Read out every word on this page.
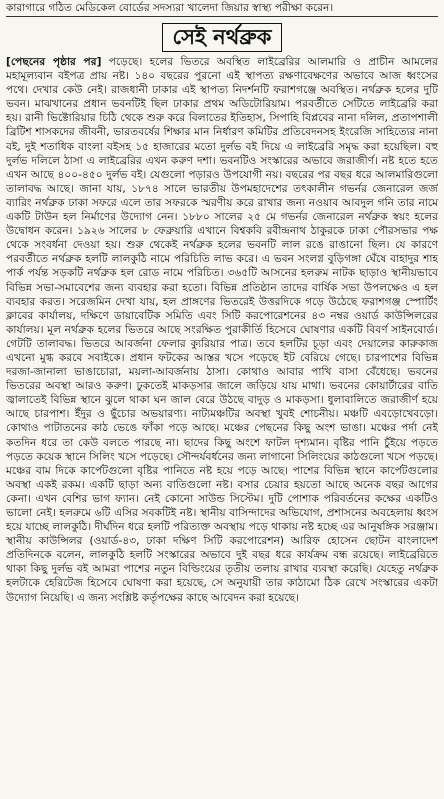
কারাগারে গঠিত মেডিকেল বোর্ডের সদস্যরা খালেদা জিয়ার স্বাস্থ্য পরীক্ষা করেন।
সেই নর্থব্রুক

[পেছনের পৃষ্ঠার পর] পড়েছে। হলের ভিতরে অবস্থিত লাইব্রেরির আলমারি ও প্রাচীন আমলের মহামূল্যবান বইপত্র প্রায় নষ্ট। ১৪০ বছরের পুরনো এই স্থাপত্য রক্ষণাবেক্ষণের অভাবে আজ ধ্বংসের পথে। দেখার কেউ নেই। রাজধানী ঢাকার এই স্থাপত্য নিদর্শনটি ফরাশগঞ্জে অবস্থিত। নর্থব্রুক হলের দুটি ভবন। মাঝখানের প্রধান ভবনটিই ছিল ঢাকার প্রথম অডিটোরিয়াম। পরবর্তীতে সেটিতে লাইব্রেরি করা হয়। রানী ভিক্টোরিয়ার চিঠি থেকে শুরু করে বিলাতের ইতিহাস, সিপাহি বিপ্লবের নানা দলিল, প্রতাপশালী ব্রিটিশ শাসকদের জীবনী, ভারতবর্ষের শিক্ষার মান নির্ধারণ কমিটির প্রতিবেদনসহ ইংরেজি সাহিত্যের নানা বই, দুই শতাধিক বাংলা বইসহ ১৫ হাজারের মতো দুর্লভ বই দিয়ে এ লাইব্রেরি সমৃদ্ধ করা হয়েছিল। বহু দুর্লভ দলিলে ঠাসা এ লাইব্রেরির এখন করুণ দশা। ভবনটিও সংস্কারের অভাবে জরাজীর্ণ। নষ্ট হতে হতে এখন আছে ৪০০-৪৫০ দুর্লভ বই। যেগুলো পড়ারও উপযোগী নয়। বছরের পর বছর ধরে আলমারিগুলো তালাবদ্ধ আছে। জানা যায়, ১৮৭৪ সালে ভারতীয় উপমহাদেশের তৎকালীন গভর্নর জেনারেল জর্জ ব্যারিং নর্থব্রুক ঢাকা সফরে এলে তার সফরকে স্মরণীয় করে রাখার জন্য নওয়াব আবদুল গনি তার নামে একটি টাউন হল নির্মাণের উদ্যোগ নেন। ১৮৮০ সালের ২৫ মে গভর্নর জেনারেল নর্থব্রুক স্বয়ং হলের উদ্বোধন করেন। ১৯২৬ সালের ৮ ফেব্রুয়ারি এখানে বিশ্বকবি রবীন্দ্রনাথ ঠাকুরকে ঢাকা পৌরসভার পক্ষ থেকে সংবর্ধনা দেওয়া হয়। শুরু থেকেই নর্থব্রুক হলের ভবনটি লাল রঙে রাঙানো ছিল। যে কারণে পরবর্তীতে নর্থব্রুক হলটি লালকুঠি নামে পরিচিতি লাভ করে। এ ভবন সংলগ্ন বুড়িগঙ্গা ঘেঁষে বাহাদুর শাহ পার্ক পর্যন্ত সড়কটি নর্থব্রুক হল রোড নামে পরিচিত। ৩৬৫টি আসনের হলরুম নাটক ছাড়াও স্থানীয়ভাবে বিভিন্ন সভা-সমাবেশের জন্য ব্যবহার করা হতো। বিভিন্ন প্রতিষ্ঠান তাদের বার্ষিক সভা উপলক্ষেও এ হল ব্যবহার করত। সরেজমিন দেখা যায়, হল প্রাঙ্গণের ভিতরেই উত্তরদিকে গড়ে উঠেছে ফরাশগঞ্জ স্পোর্টিং ক্লাবের কার্যালয়, দক্ষিণে ডায়াবেটিক সমিতি এবং সিটি করপোরেশনের ৪৩ নম্বর ওয়ার্ড কাউন্সিলরের কার্যালয়। মূল নর্থব্রুক হলের ভিতরে আছে সংরক্ষিত পুরাকীর্তি হিসেবে ঘোষণার একটি বিবর্ণ সাইনবোর্ড। গেটটি তালাবদ্ধ। ভিতরে আবর্জনা ফেলার ক্যুরিয়ার পাত্র। তবে হলটির চূড়া এবং দেয়ালের কারুকাজ এখনো মুগ্ধ করবে সবাইকে। প্রধান ফটকের আস্তর খসে পড়েছে ইট বেরিয়ে গেছে। চারপাশের বিভিন্ন দরজা-জানালা ভাঙাচোরা, ময়লা-আবর্জনায় ঠাসা। কোথাও আবার পাখি বাসা বেঁধেছে। ভবনের ভিতরের অবস্থা আরও করুণ। ঢুকতেই মাকড়সার জালে জড়িয়ে যায় মাথা। ভবনের কোয়ার্টারের বাতি জ্বালাতেই বিভিন্ন স্থানে ঝুলে থাকা ঘন জাল বেরে উঠছে বাদুড় ও মাকড়সা। ধুলাবালিতে জরাজীর্ণ হয়ে আছে চারপাশ। ইঁদুর ও ছুঁচোর অভয়ারণ্য। নাট্যমঞ্চটির অবস্থা খুবই শোচনীয়। মঞ্চটি এবড়োখেবড়ো। কোথাও পাটাতনের কাঠ ভেঙে ফাঁকা পড়ে আছে। মঞ্চের পেছনের কিছু অংশ ভাঙা। মঞ্চের পর্দা নেই কতদিন ধরে তা কেউ বলতে পারছে না। ছাদের কিছু অংশে ফাটল দৃশ্যমান। বৃষ্টির পানি চুঁইয়ে পড়তে পড়তে কয়েক স্থানে সিলিং খসে পড়েছে। সৌন্দর্যবর্ধনের জন্য লাগানো সিলিংয়ের কাঠগুলো খসে পড়ছে। মঞ্চের বাম দিকে কার্পেটগুলো বৃষ্টির পানিতে নষ্ট হয়ে পড়ে আছে। পাশের বিভিন্ন স্থানে কার্পেটগুলোর অবস্থা একই রকম। একটি ছাড়া অন্য বাতিগুলো নষ্ট। বসার চেয়ার হয়তো আছে অনেক বছর আগের কেনা। এখন বেশির ভাগ ফ্যান। নেই কোনো সাউন্ড সিস্টেম। দুটি পোশাক পরিবর্তনের কক্ষের একটিও ভালো নেই। হলরুমে ৬টি এসির সবকটিই নষ্ট। স্থানীয় বাসিন্দাদের অভিযোগ, প্রশাসনের অবহেলায় ধ্বংস হয়ে যাচ্ছে লালকুঠি। দীর্ঘদিন ধরে হলটি পরিত্যক্ত অবস্থায় পড়ে থাকায় নষ্ট হচ্ছে এর আনুষঙ্গিক সরঞ্জাম। স্থানীয় কাউন্সিলর (ওয়ার্ড-৪৩, ঢাকা দক্ষিণ সিটি করপোরেশন) আরিফ হোসেন ছোটন বাংলাদেশ প্রতিদিনকে বলেন, লালকুঠি হলটি সংস্কারের অভাবে দুই বছর ধরে কার্যক্রম বন্ধ রয়েছে। লাইব্রেরিতে থাকা কিছু দুর্লভ বই আমরা পাশের নতুন বিল্ডিংয়ের তৃতীয় তলায় রাখার ব্যবস্থা করেছি। যেহেতু নর্থব্রুক হলটাকে হেরিটেজ হিসেবে ঘোষণা করা হয়েছে, সে অনুযায়ী তার কাঠামো ঠিক রেখে সংস্কারের একটা উদ্যোগ নিয়েছি। এ জন্য সংশ্লিষ্ট কর্তৃপক্ষের কাছে আবেদন করা হয়েছে।
